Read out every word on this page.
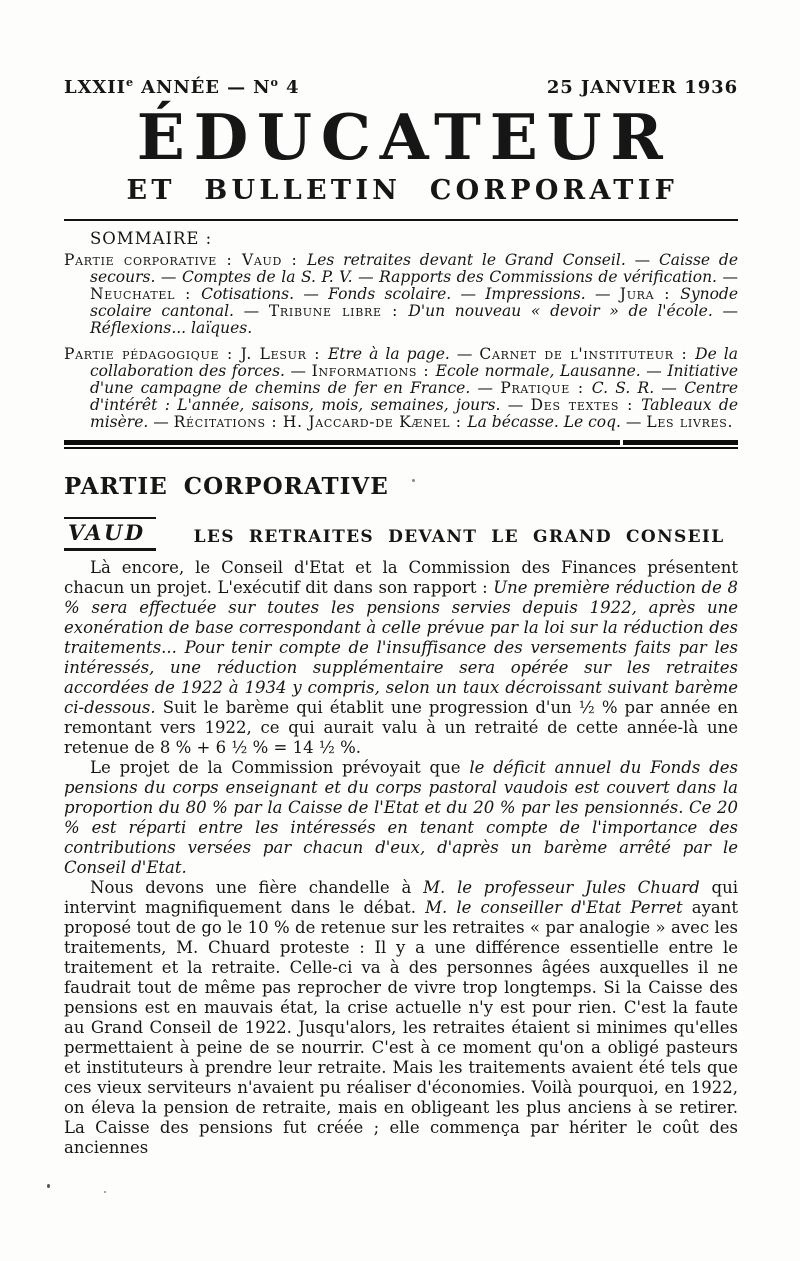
LXXIIe ANNÉE — $N^o$ 4	25 JANVIER 1936
ÉDUCATEUR
ET BULLETIN CORPORATIF
SOMMAIRE :

Partie corporative : Vaud : Les retraites devant le Grand Conseil. — Caisse de secours. — Comptes de la S. P. V. — Rapports des Commissions de vérification. — Neuchatel : Cotisations. — Fonds scolaire. — Impressions. — Jura : Synode scolaire cantonal. — Tribune libre : D'un nouveau « devoir » de l'école. — Réflexions... laïques.

Partie pédagogique : J. Lesur : Etre à la page. — Carnet de l'instituteur : De la collaboration des forces. — Informations : Ecole normale, Lausanne. — Initiative d'une campagne de chemins de fer en France. — Pratique : C. S. R. — Centre d'intérêt : L'année, saisons, mois, semaines, jours. — Des textes : Tableaux de misère. — Récitations : H. Jaccard-de Kænel : La bécasse. Le coq. — Les livres.

PARTIE CORPORATIVE
VAUD	LES RETRAITES DEVANT LE GRAND CONSEIL

Là encore, le Conseil d'Etat et la Commission des Finances présentent chacun un projet. L'exécutif dit dans son rapport : Une première réduction de 8 % sera effectuée sur toutes les pensions servies depuis 1922, après une exonération de base correspondant à celle prévue par la loi sur la réduction des traitements... Pour tenir compte de l'insuffisance des versements faits par les intéressés, une réduction supplémentaire sera opérée sur les retraites accordées de 1922 à 1934 y compris, selon un taux décroissant suivant barème ci-dessous. Suit le barème qui établit une progression d'un ½ % par année en remontant vers 1922, ce qui aurait valu à un retraité de cette année-là une retenue de 8 % + 6 ½ % = 14 ½ %.

Le projet de la Commission prévoyait que le déficit annuel du Fonds des pensions du corps enseignant et du corps pastoral vaudois est couvert dans la proportion du 80 % par la Caisse de l'Etat et du 20 % par les pensionnés. Ce 20 % est réparti entre les intéressés en tenant compte de l'importance des contributions versées par chacun d'eux, d'après un barème arrêté par le Conseil d'Etat.

Nous devons une fière chandelle à M. le professeur Jules Chuard qui intervint magnifiquement dans le débat. M. le conseiller d'Etat Perret ayant proposé tout de go le 10 % de retenue sur les retraites « par analogie » avec les traitements, M. Chuard proteste : Il y a une différence essentielle entre le traitement et la retraite. Celle-ci va à des personnes âgées auxquelles il ne faudrait tout de même pas reprocher de vivre trop longtemps. Si la Caisse des pensions est en mauvais état, la crise actuelle n'y est pour rien. C'est la faute au Grand Conseil de 1922. Jusqu'alors, les retraites étaient si minimes qu'elles permettaient à peine de se nourrir. C'est à ce moment qu'on a obligé pasteurs et instituteurs à prendre leur retraite. Mais les traitements avaient été tels que ces vieux serviteurs n'avaient pu réaliser d'économies. Voilà pourquoi, en 1922, on éleva la pension de retraite, mais en obligeant les plus anciens à se retirer. La Caisse des pensions fut créée ; elle commença par hériter le coût des anciennes
